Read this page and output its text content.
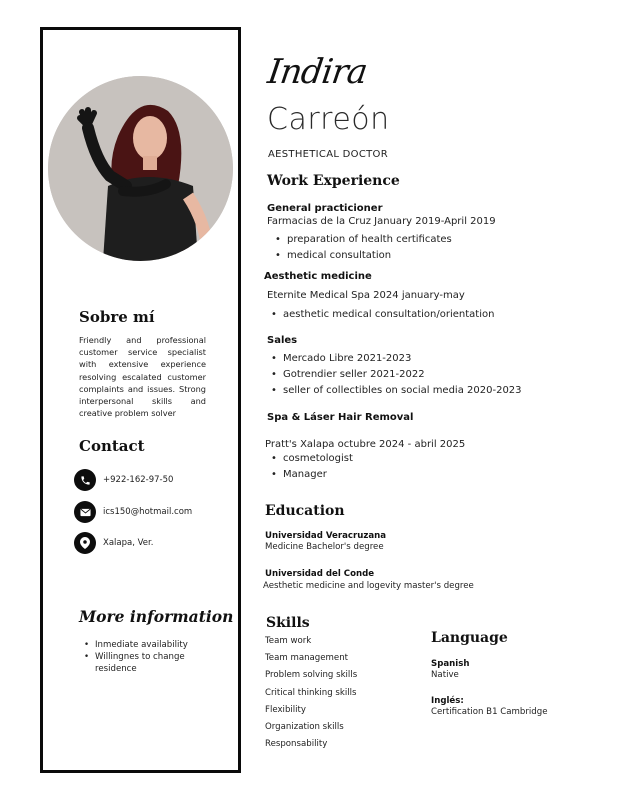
Sobre mí
Friendly and professional customer service specialist with extensive experience resolving escalated customer complaints and issues. Strong interpersonal skills and creative problem solver
Contact
+922-162-97-50
ics150@hotmail.com
Xalapa, Ver.
More information
• Inmediate availability
• Willingnes to change residence
Indira
Carreón
AESTHETICAL DOCTOR
Work Experience
General practicioner
Farmacias de la Cruz January 2019-April 2019
• preparation of health certificates
• medical consultation
Aesthetic medicine
Eternite Medical Spa 2024 january-may
• aesthetic medical consultation/orientation
Sales
• Mercado Libre 2021-2023
• Gotrendier seller 2021-2022
• seller of collectibles on social media 2020-2023
Spa & Láser Hair Removal
Pratt's Xalapa octubre 2024 - abril 2025
• cosmetologist
• Manager
Education
Universidad Veracruzana
Medicine Bachelor's degree
Universidad del Conde
Aesthetic medicine and logevity master's degree
Skills
Team work
Team management
Problem solving skills
Critical thinking skills
Flexibility
Organization skills
Responsability
Language
Spanish
Native
Inglés:
Certification B1 Cambridge
